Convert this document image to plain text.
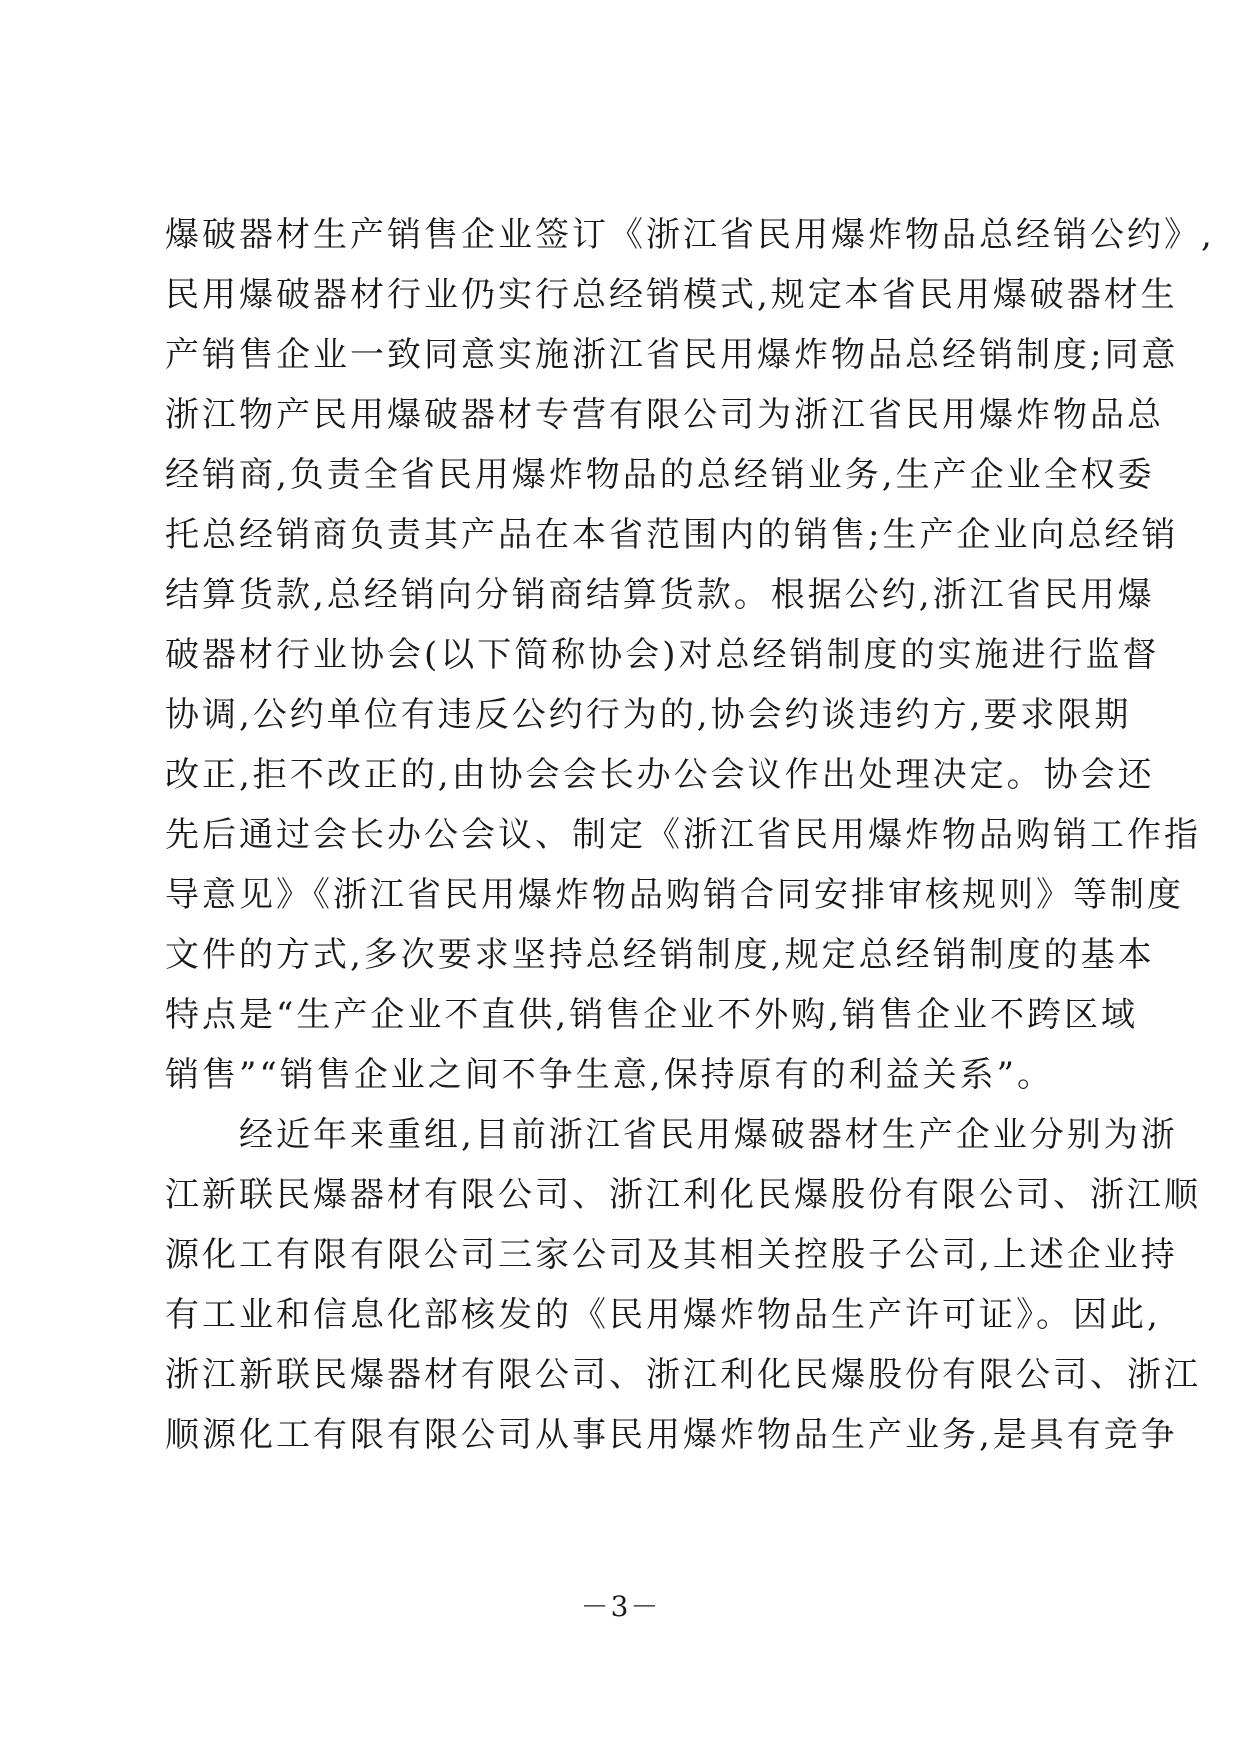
爆破器材生产销售企业签订《浙江省民用爆炸物品总经销公约》,
民用爆破器材行业仍实行总经销模式,规定本省民用爆破器材生
产销售企业一致同意实施浙江省民用爆炸物品总经销制度;同意
浙江物产民用爆破器材专营有限公司为浙江省民用爆炸物品总
经销商,负责全省民用爆炸物品的总经销业务,生产企业全权委
托总经销商负责其产品在本省范围内的销售;生产企业向总经销
结算货款,总经销向分销商结算货款。根据公约,浙江省民用爆
破器材行业协会(以下简称协会)对总经销制度的实施进行监督
协调,公约单位有违反公约行为的,协会约谈违约方,要求限期
改正,拒不改正的,由协会会长办公会议作出处理决定。协会还
先后通过会长办公会议、制定《浙江省民用爆炸物品购销工作指
导意见》《浙江省民用爆炸物品购销合同安排审核规则》等制度
文件的方式,多次要求坚持总经销制度,规定总经销制度的基本
特点是“生产企业不直供,销售企业不外购,销售企业不跨区域
销售”“销售企业之间不争生意,保持原有的利益关系”。
经近年来重组,目前浙江省民用爆破器材生产企业分别为浙
江新联民爆器材有限公司、浙江利化民爆股份有限公司、浙江顺
源化工有限有限公司三家公司及其相关控股子公司,上述企业持
有工业和信息化部核发的《民用爆炸物品生产许可证》。因此,
浙江新联民爆器材有限公司、浙江利化民爆股份有限公司、浙江
顺源化工有限有限公司从事民用爆炸物品生产业务,是具有竞争
－3－
